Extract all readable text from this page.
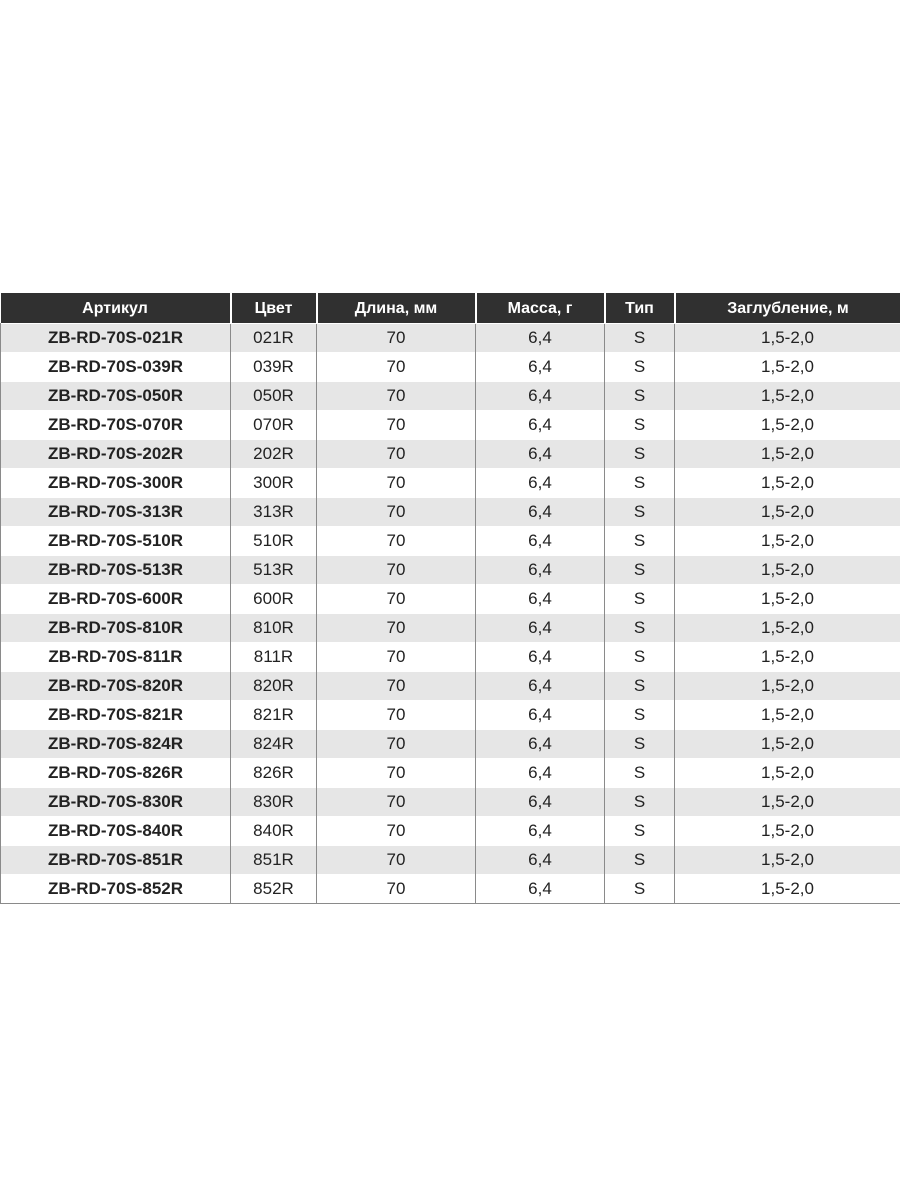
Артикул	Цвет	Длина, мм	Масса, г	Тип	Заглубление, м
ZB-RD-70S-021R	021R	70	6,4	S	1,5-2,0
ZB-RD-70S-039R	039R	70	6,4	S	1,5-2,0
ZB-RD-70S-050R	050R	70	6,4	S	1,5-2,0
ZB-RD-70S-070R	070R	70	6,4	S	1,5-2,0
ZB-RD-70S-202R	202R	70	6,4	S	1,5-2,0
ZB-RD-70S-300R	300R	70	6,4	S	1,5-2,0
ZB-RD-70S-313R	313R	70	6,4	S	1,5-2,0
ZB-RD-70S-510R	510R	70	6,4	S	1,5-2,0
ZB-RD-70S-513R	513R	70	6,4	S	1,5-2,0
ZB-RD-70S-600R	600R	70	6,4	S	1,5-2,0
ZB-RD-70S-810R	810R	70	6,4	S	1,5-2,0
ZB-RD-70S-811R	811R	70	6,4	S	1,5-2,0
ZB-RD-70S-820R	820R	70	6,4	S	1,5-2,0
ZB-RD-70S-821R	821R	70	6,4	S	1,5-2,0
ZB-RD-70S-824R	824R	70	6,4	S	1,5-2,0
ZB-RD-70S-826R	826R	70	6,4	S	1,5-2,0
ZB-RD-70S-830R	830R	70	6,4	S	1,5-2,0
ZB-RD-70S-840R	840R	70	6,4	S	1,5-2,0
ZB-RD-70S-851R	851R	70	6,4	S	1,5-2,0
ZB-RD-70S-852R	852R	70	6,4	S	1,5-2,0
